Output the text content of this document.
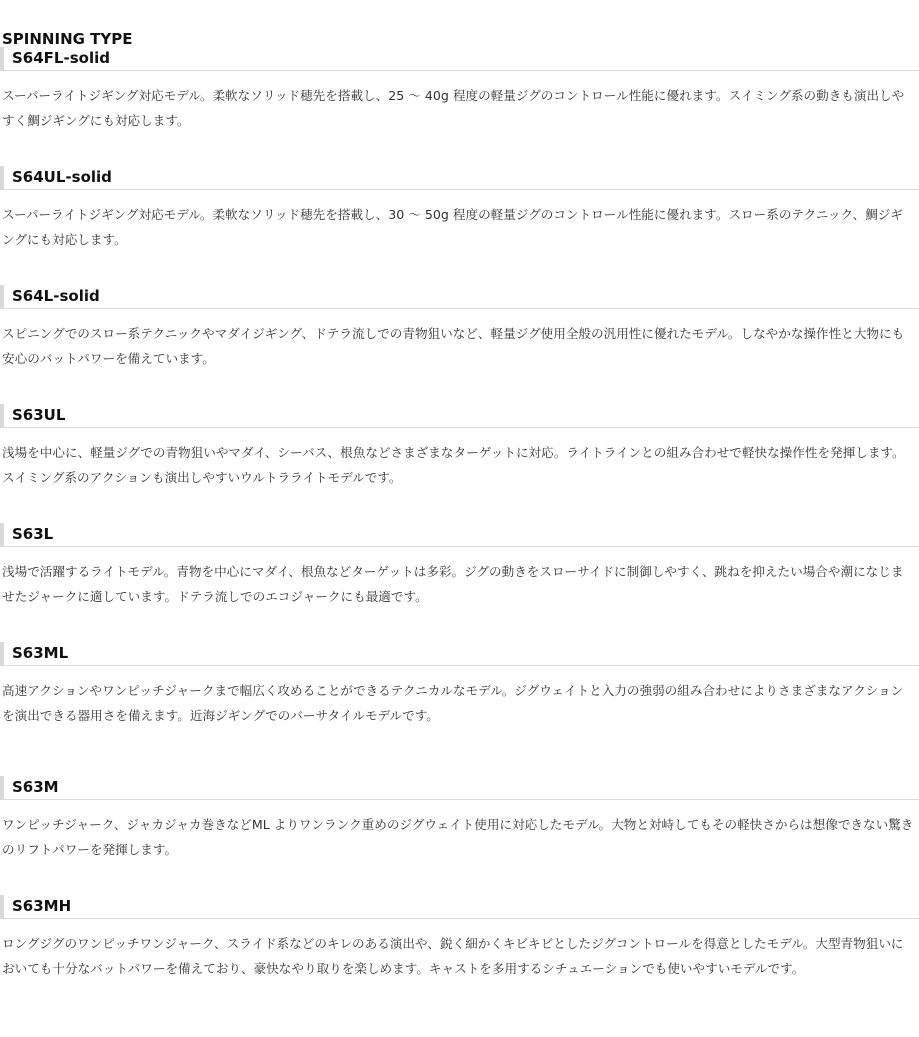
SPINNING TYPE
S64FL-solid

スーパーライトジギング対応モデル。柔軟なソリッド穂先を搭載し、25 ～ 40g 程度の軽量ジグのコントロール性能に優れます。スイミング系の動きも演出しやすく鯛ジギングにも対応します。

S64UL-solid

スーパーライトジギング対応モデル。柔軟なソリッド穂先を搭載し、30 ～ 50g 程度の軽量ジグのコントロール性能に優れます。スロー系のテクニック、鯛ジギングにも対応します。

S64L-solid

スピニングでのスロー系テクニックやマダイジギング、ドテラ流しでの青物狙いなど、軽量ジグ使用全般の汎用性に優れたモデル。しなやかな操作性と大物にも安心のバットパワーを備えています。

S63UL

浅場を中心に、軽量ジグでの青物狙いやマダイ、シーバス、根魚などさまざまなターゲットに対応。ライトラインとの組み合わせで軽快な操作性を発揮します。スイミング系のアクションも演出しやすいウルトラライトモデルです。

S63L

浅場で活躍するライトモデル。青物を中心にマダイ、根魚などターゲットは多彩。ジグの動きをスローサイドに制御しやすく、跳ねを抑えたい場合や潮になじませたジャークに適しています。ドテラ流しでのエコジャークにも最適です。

S63ML

高速アクションやワンピッチジャークまで幅広く攻めることができるテクニカルなモデル。ジグウェイトと入力の強弱の組み合わせによりさまざまなアクションを演出できる器用さを備えます。近海ジギングでのバーサタイルモデルです。

S63M

ワンピッチジャーク、ジャカジャカ巻きなどML よりワンランク重めのジグウェイト使用に対応したモデル。大物と対峙してもその軽快さからは想像できない驚きのリフトパワーを発揮します。

S63MH

ロングジグのワンピッチワンジャーク、スライド系などのキレのある演出や、鋭く細かくキビキビとしたジグコントロールを得意としたモデル。大型青物狙いにおいても十分なバットパワーを備えており、豪快なやり取りを楽しめます。キャストを多用するシチュエーションでも使いやすいモデルです。
